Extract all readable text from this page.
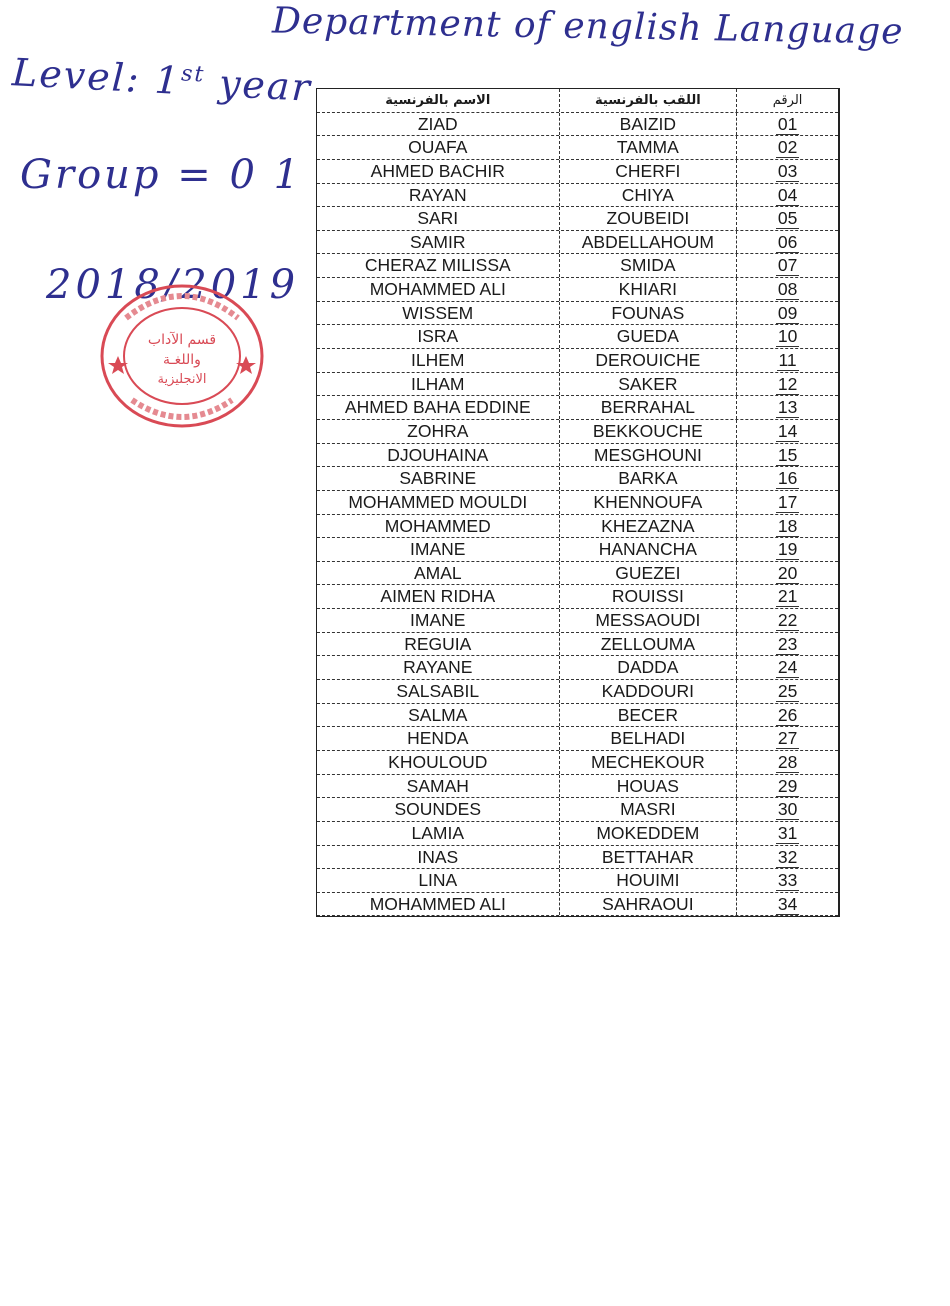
Department of english Language
Level: 1st year
Group = 0 1
2018/2019
قسم الآداب
واللغـة
الانجليزية
الاسم بالفرنسية	اللقب بالفرنسية	الرقم
ZIAD	BAIZID	01
OUAFA	TAMMA	02
AHMED BACHIR	CHERFI	03
RAYAN	CHIYA	04
SARI	ZOUBEIDI	05
SAMIR	ABDELLAHOUM	06
CHERAZ MILISSA	SMIDA	07
MOHAMMED ALI	KHIARI	08
WISSEM	FOUNAS	09
ISRA	GUEDA	10
ILHEM	DEROUICHE	11
ILHAM	SAKER	12
AHMED BAHA EDDINE	BERRAHAL	13
ZOHRA	BEKKOUCHE	14
DJOUHAINA	MESGHOUNI	15
SABRINE	BARKA	16
MOHAMMED MOULDI	KHENNOUFA	17
MOHAMMED	KHEZAZNA	18
IMANE	HANANCHA	19
AMAL	GUEZEI	20
AIMEN RIDHA	ROUISSI	21
IMANE	MESSAOUDI	22
REGUIA	ZELLOUMA	23
RAYANE	DADDA	24
SALSABIL	KADDOURI	25
SALMA	BECER	26
HENDA	BELHADI	27
KHOULOUD	MECHEKOUR	28
SAMAH	HOUAS	29
SOUNDES	MASRI	30
LAMIA	MOKEDDEM	31
INAS	BETTAHAR	32
LINA	HOUIMI	33
MOHAMMED ALI	SAHRAOUI	34
